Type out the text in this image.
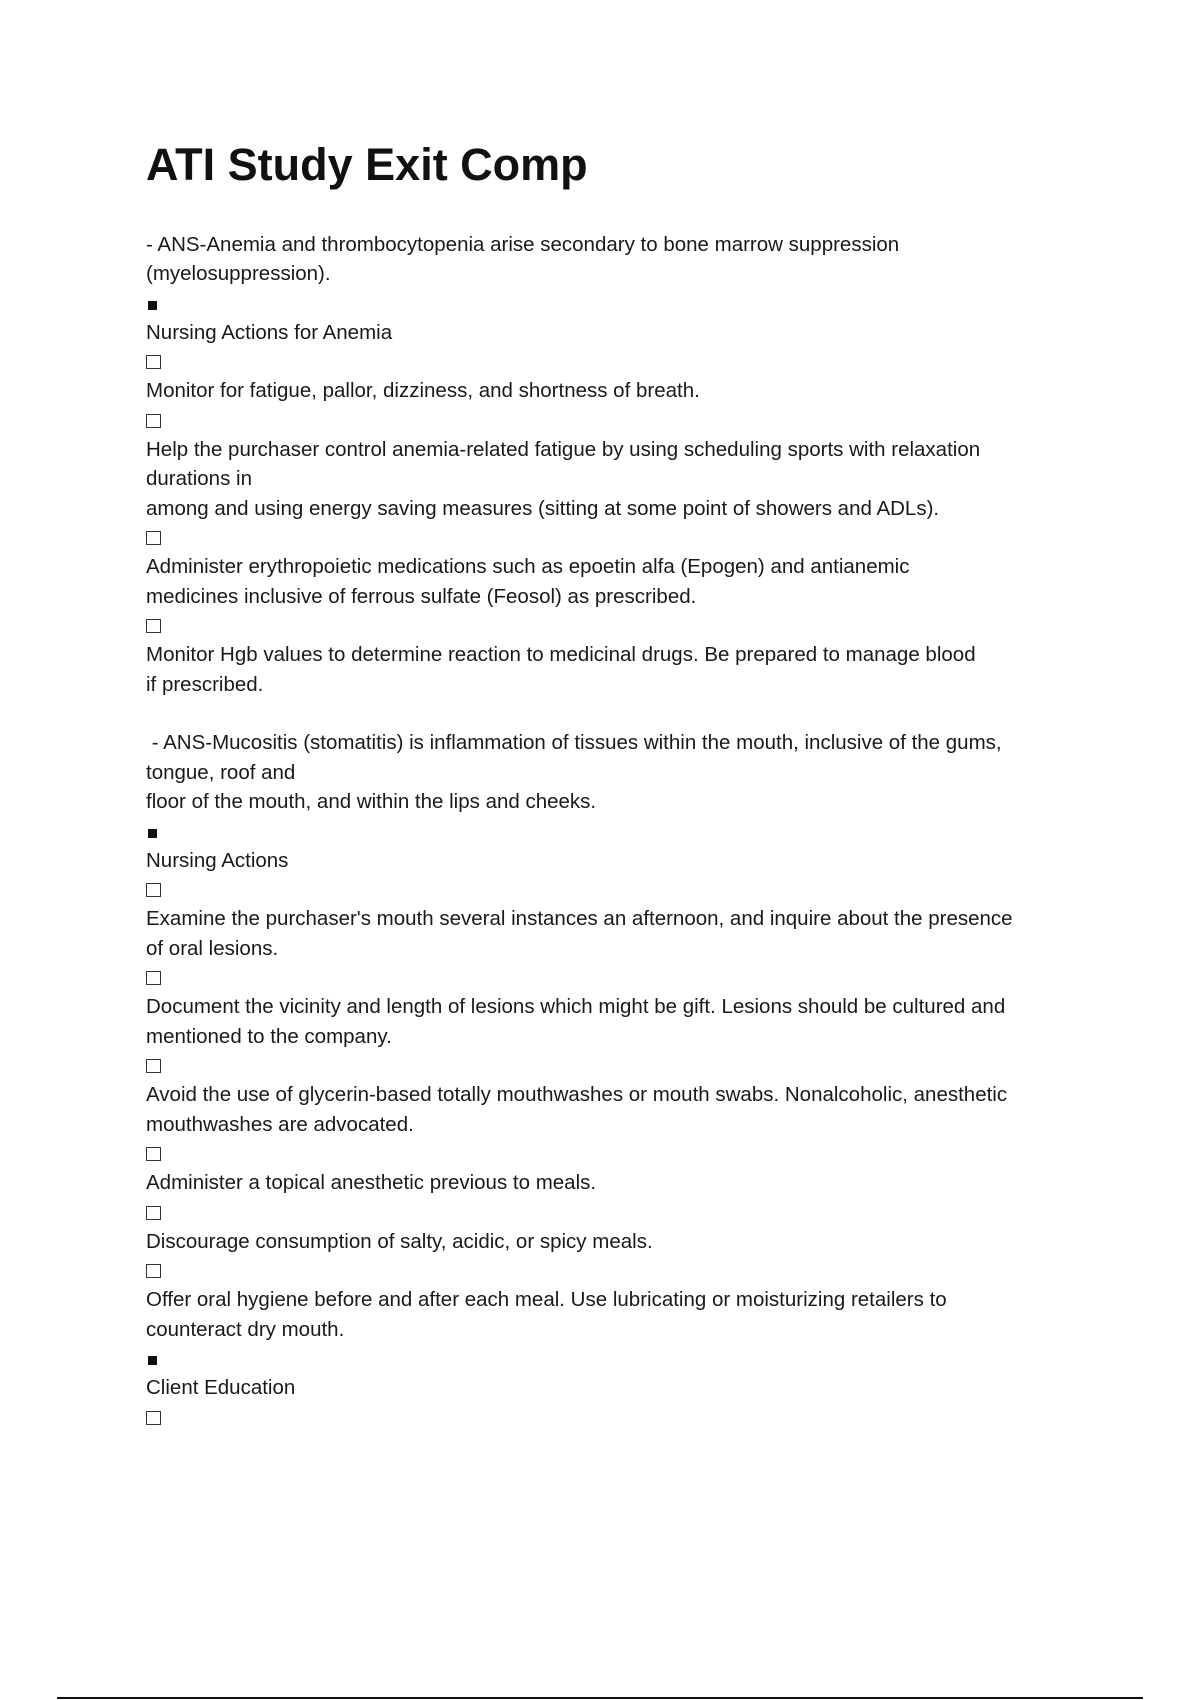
ATI Study Exit Comp
- ANS-Anemia and thrombocytopenia arise secondary to bone marrow suppression
(myelosuppression).
Nursing Actions for Anemia
Monitor for fatigue, pallor, dizziness, and shortness of breath.
Help the purchaser control anemia-related fatigue by using scheduling sports with relaxation
durations in
among and using energy saving measures (sitting at some point of showers and ADLs).
Administer erythropoietic medications such as epoetin alfa (Epogen) and antianemic
medicines inclusive of ferrous sulfate (Feosol) as prescribed.
Monitor Hgb values to determine reaction to medicinal drugs. Be prepared to manage blood
if prescribed.
- ANS-Mucositis (stomatitis) is inflammation of tissues within the mouth, inclusive of the gums,
tongue, roof and
floor of the mouth, and within the lips and cheeks.
Nursing Actions
Examine the purchaser's mouth several instances an afternoon, and inquire about the presence
of oral lesions.
Document the vicinity and length of lesions which might be gift. Lesions should be cultured and
mentioned to the company.
Avoid the use of glycerin-based totally mouthwashes or mouth swabs. Nonalcoholic, anesthetic
mouthwashes are advocated.
Administer a topical anesthetic previous to meals.
Discourage consumption of salty, acidic, or spicy meals.
Offer oral hygiene before and after each meal. Use lubricating or moisturizing retailers to
counteract dry mouth.
Client Education
